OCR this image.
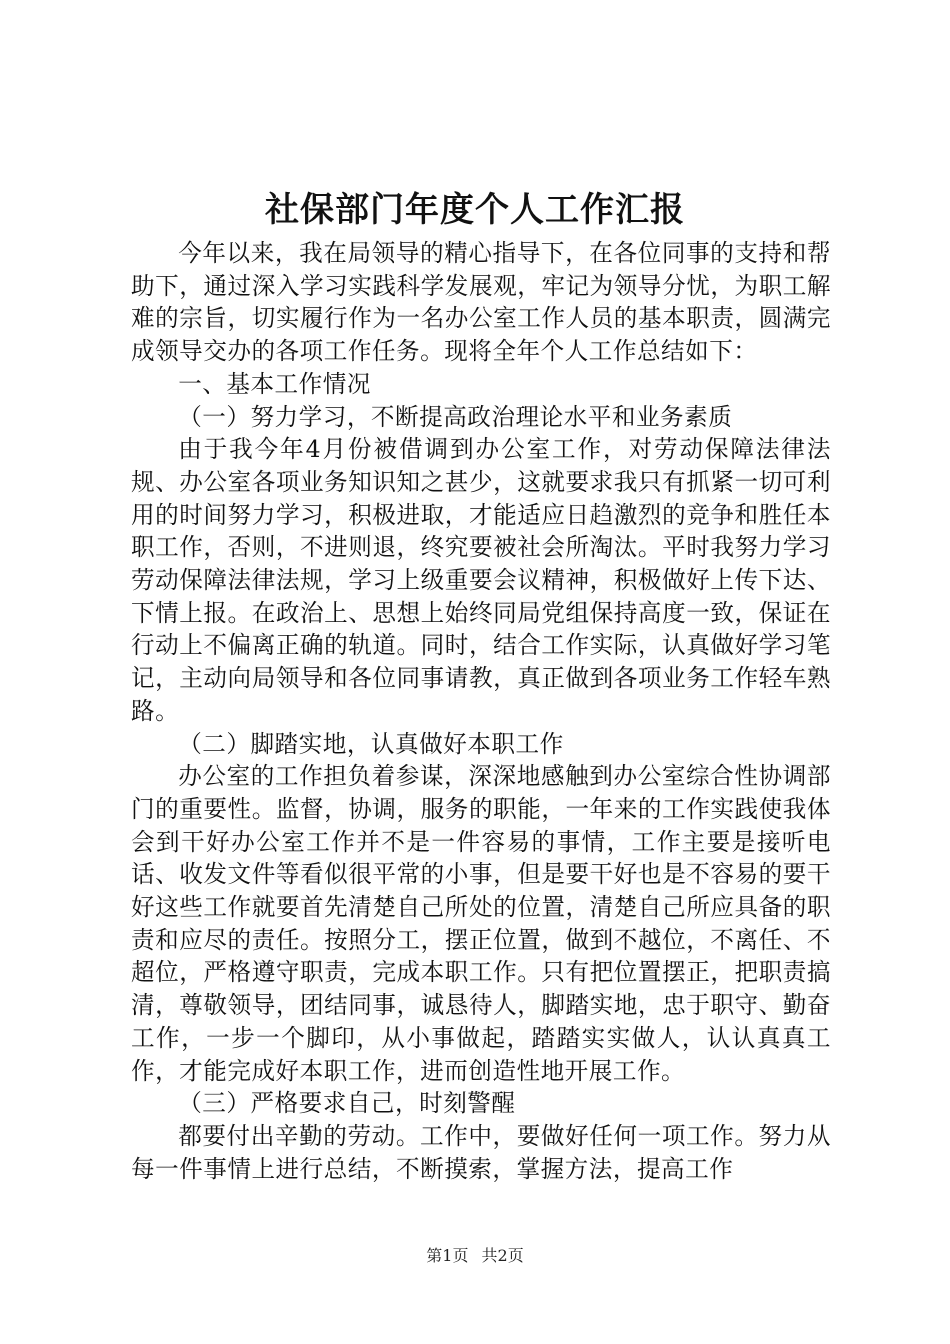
社保部门年度个人工作汇报

今年以来，我在局领导的精心指导下，在各位同事的支持和帮助下，通过深入学习实践科学发展观，牢记为领导分忧，为职工解难的宗旨，切实履行作为一名办公室工作人员的基本职责，圆满完成领导交办的各项工作任务。现将全年个人工作总结如下：

一、基本工作情况

（一）努力学习，不断提高政治理论水平和业务素质

由于我今年4月份被借调到办公室工作，对劳动保障法律法规、办公室各项业务知识知之甚少，这就要求我只有抓紧一切可利用的时间努力学习，积极进取，才能适应日趋激烈的竞争和胜任本职工作，否则，不进则退，终究要被社会所淘汰。平时我努力学习劳动保障法律法规，学习上级重要会议精神，积极做好上传下达、下情上报。在政治上、思想上始终同局党组保持高度一致，保证在行动上不偏离正确的轨道。同时，结合工作实际，认真做好学习笔记，主动向局领导和各位同事请教，真正做到各项业务工作轻车熟路。

（二）脚踏实地，认真做好本职工作

办公室的工作担负着参谋，深深地感触到办公室综合性协调部门的重要性。监督，协调，服务的职能，一年来的工作实践使我体会到干好办公室工作并不是一件容易的事情，工作主要是接听电话、收发文件等看似很平常的小事，但是要干好也是不容易的要干好这些工作就要首先清楚自己所处的位置，清楚自己所应具备的职责和应尽的责任。按照分工，摆正位置，做到不越位，不离任、不超位，严格遵守职责，完成本职工作。只有把位置摆正，把职责搞清，尊敬领导，团结同事，诚恳待人，脚踏实地，忠于职守、勤奋工作，一步一个脚印，从小事做起，踏踏实实做人，认认真真工作，才能完成好本职工作，进而创造性地开展工作。

（三）严格要求自己，时刻警醒

都要付出辛勤的劳动。工作中，要做好任何一项工作。努力从每一件事情上进行总结，不断摸索，掌握方法，提高工作

第1页 共2页
